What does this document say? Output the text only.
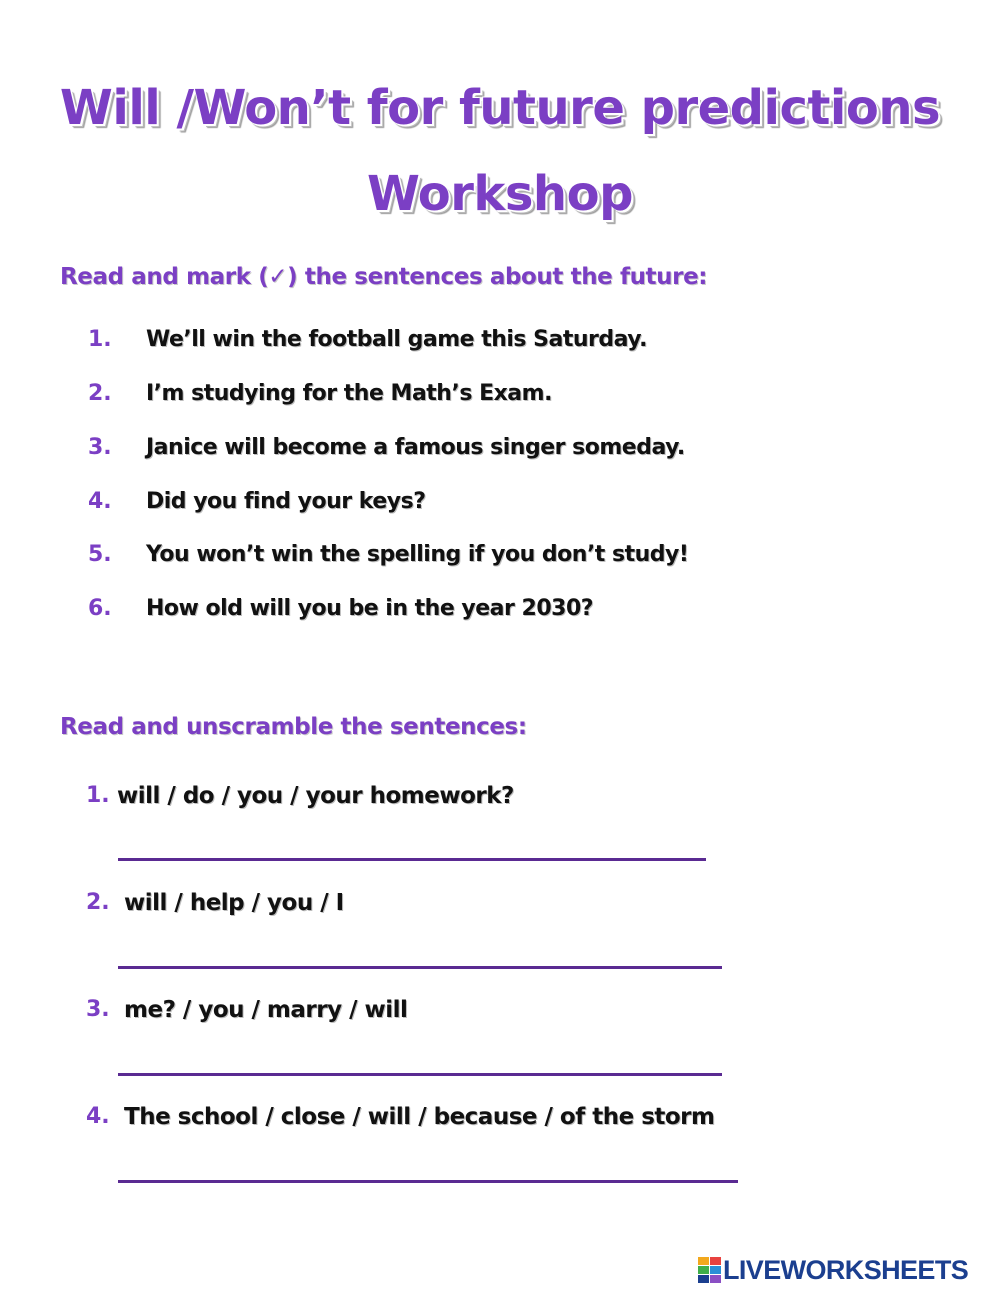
Will /Won’t for future predictions
Workshop
Read and mark (✓) the sentences about the future:
1. We’ll win the football game this Saturday.
2. I’m studying for the Math’s Exam.
3. Janice will become a famous singer someday.
4. Did you find your keys?
5. You won’t win the spelling if you don’t study!
6. How old will you be in the year 2030?
Read and unscramble the sentences:
1. will / do / you / your homework?
2. will / help / you / I
3. me? / you / marry / will
4. The school / close / will / because / of the storm
LIVEWORKSHEETS
